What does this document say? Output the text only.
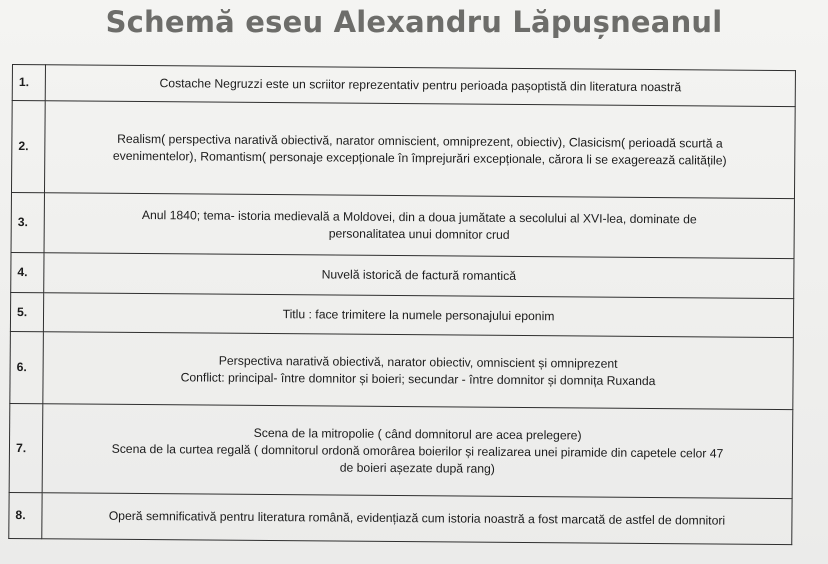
Schemă eseu Alexandru Lăpușneanul
1.	Costache Negruzzi este un scriitor reprezentativ pentru perioada pașoptistă din literatura noastră

2.	Realism( perspectiva narativă obiectivă, narator omniscient, omniprezent, obiectiv), Clasicism( perioadă scurtă a
evenimentelor), Romantism( personaje excepționale în împrejurări excepționale, cărora li se exagerează calitățile)

3.	Anul 1840; tema- istoria medievală a Moldovei, din a doua jumătate a secolului al XVI-lea, dominate de
personalitatea unui domnitor crud

4.	Nuvelă istorică de factură romantică

5.	Titlu : face trimitere la numele personajului eponim

6.	Perspectiva narativă obiectivă, narator obiectiv, omniscient și omniprezent
Conflict: principal- între domnitor și boieri; secundar - între domnitor și domnița Ruxanda

7.	Scena de la mitropolie ( când domnitorul are acea prelegere)
Scena de la curtea regală ( domnitorul ordonă omorârea boierilor și realizarea unei piramide din capetele celor 47
de boieri așezate după rang)

8.	Operă semnificativă pentru literatura română, evidențiază cum istoria noastră a fost marcată de astfel de domnitori
